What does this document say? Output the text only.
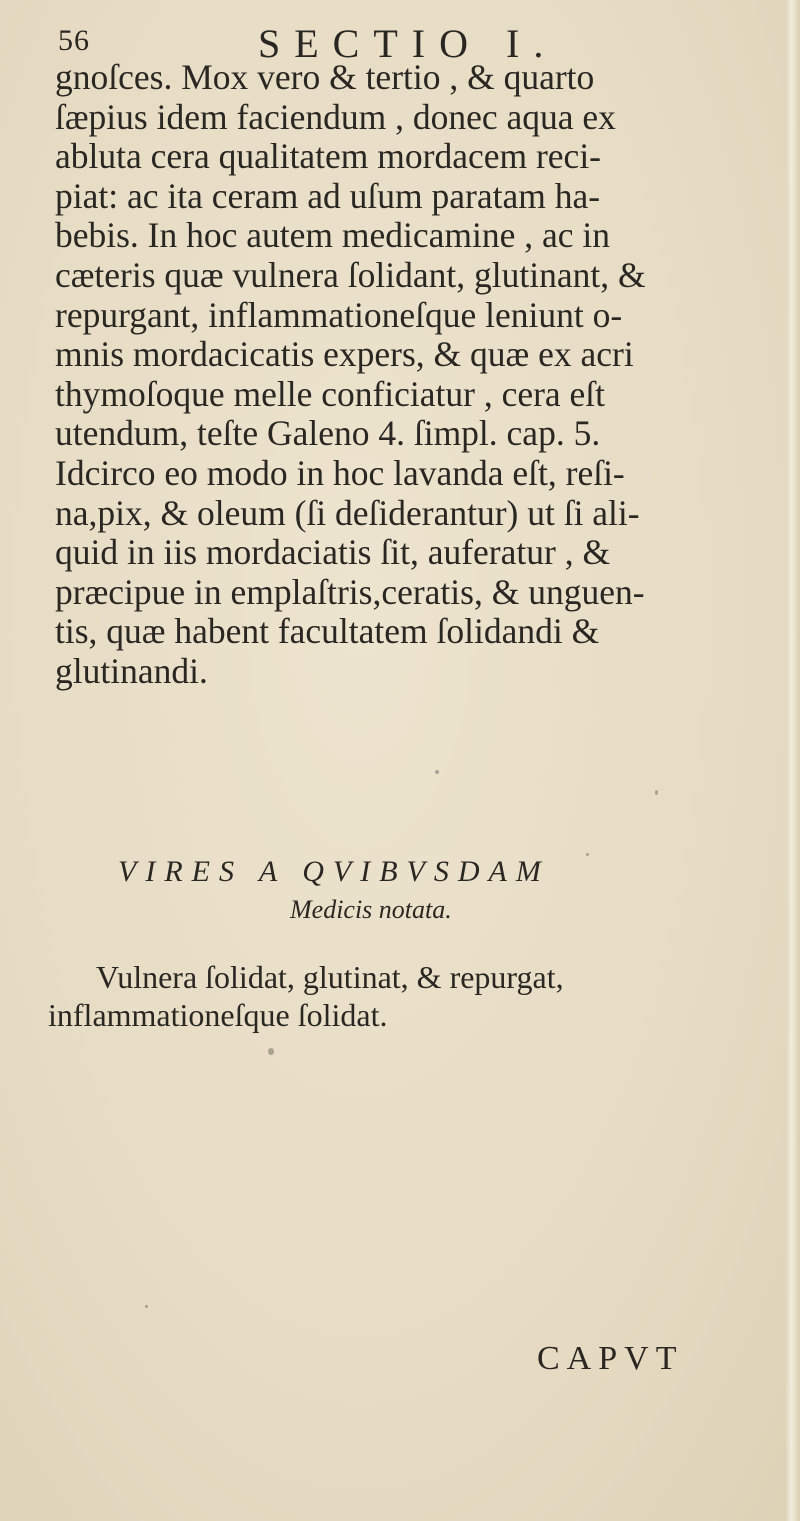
56	SECTIO I.

gnoſces. Mox vero & tertio , & quarto
ſæpius idem faciendum , donec aqua ex
abluta cera qualitatem mordacem reci-
piat: ac ita ceram ad uſum paratam ha-
bebis. In hoc autem medicamine , ac in
cæteris quæ vulnera ſolidant, glutinant, &
repurgant, inflammationeſque leniunt o-
mnis mordacicatis expers, & quæ ex acri
thymoſoque melle conficiatur , cera eſt
utendum, teſte Galeno 4. ſimpl. cap. 5.
Idcirco eo modo in hoc lavanda eſt, reſi-
na,pix, & oleum (ſi deſiderantur) ut ſi ali-
quid in iis mordaciatis ſit, auferatur , &
præcipue in emplaſtris,ceratis, & unguen-
tis, quæ habent facultatem ſolidandi &
glutinandi.

VIRES A QVIBVSDAM
Medicis notata.
Vulnera ſolidat, glutinat, & repurgat,
inflammationeſque ſolidat.
CAPVT
